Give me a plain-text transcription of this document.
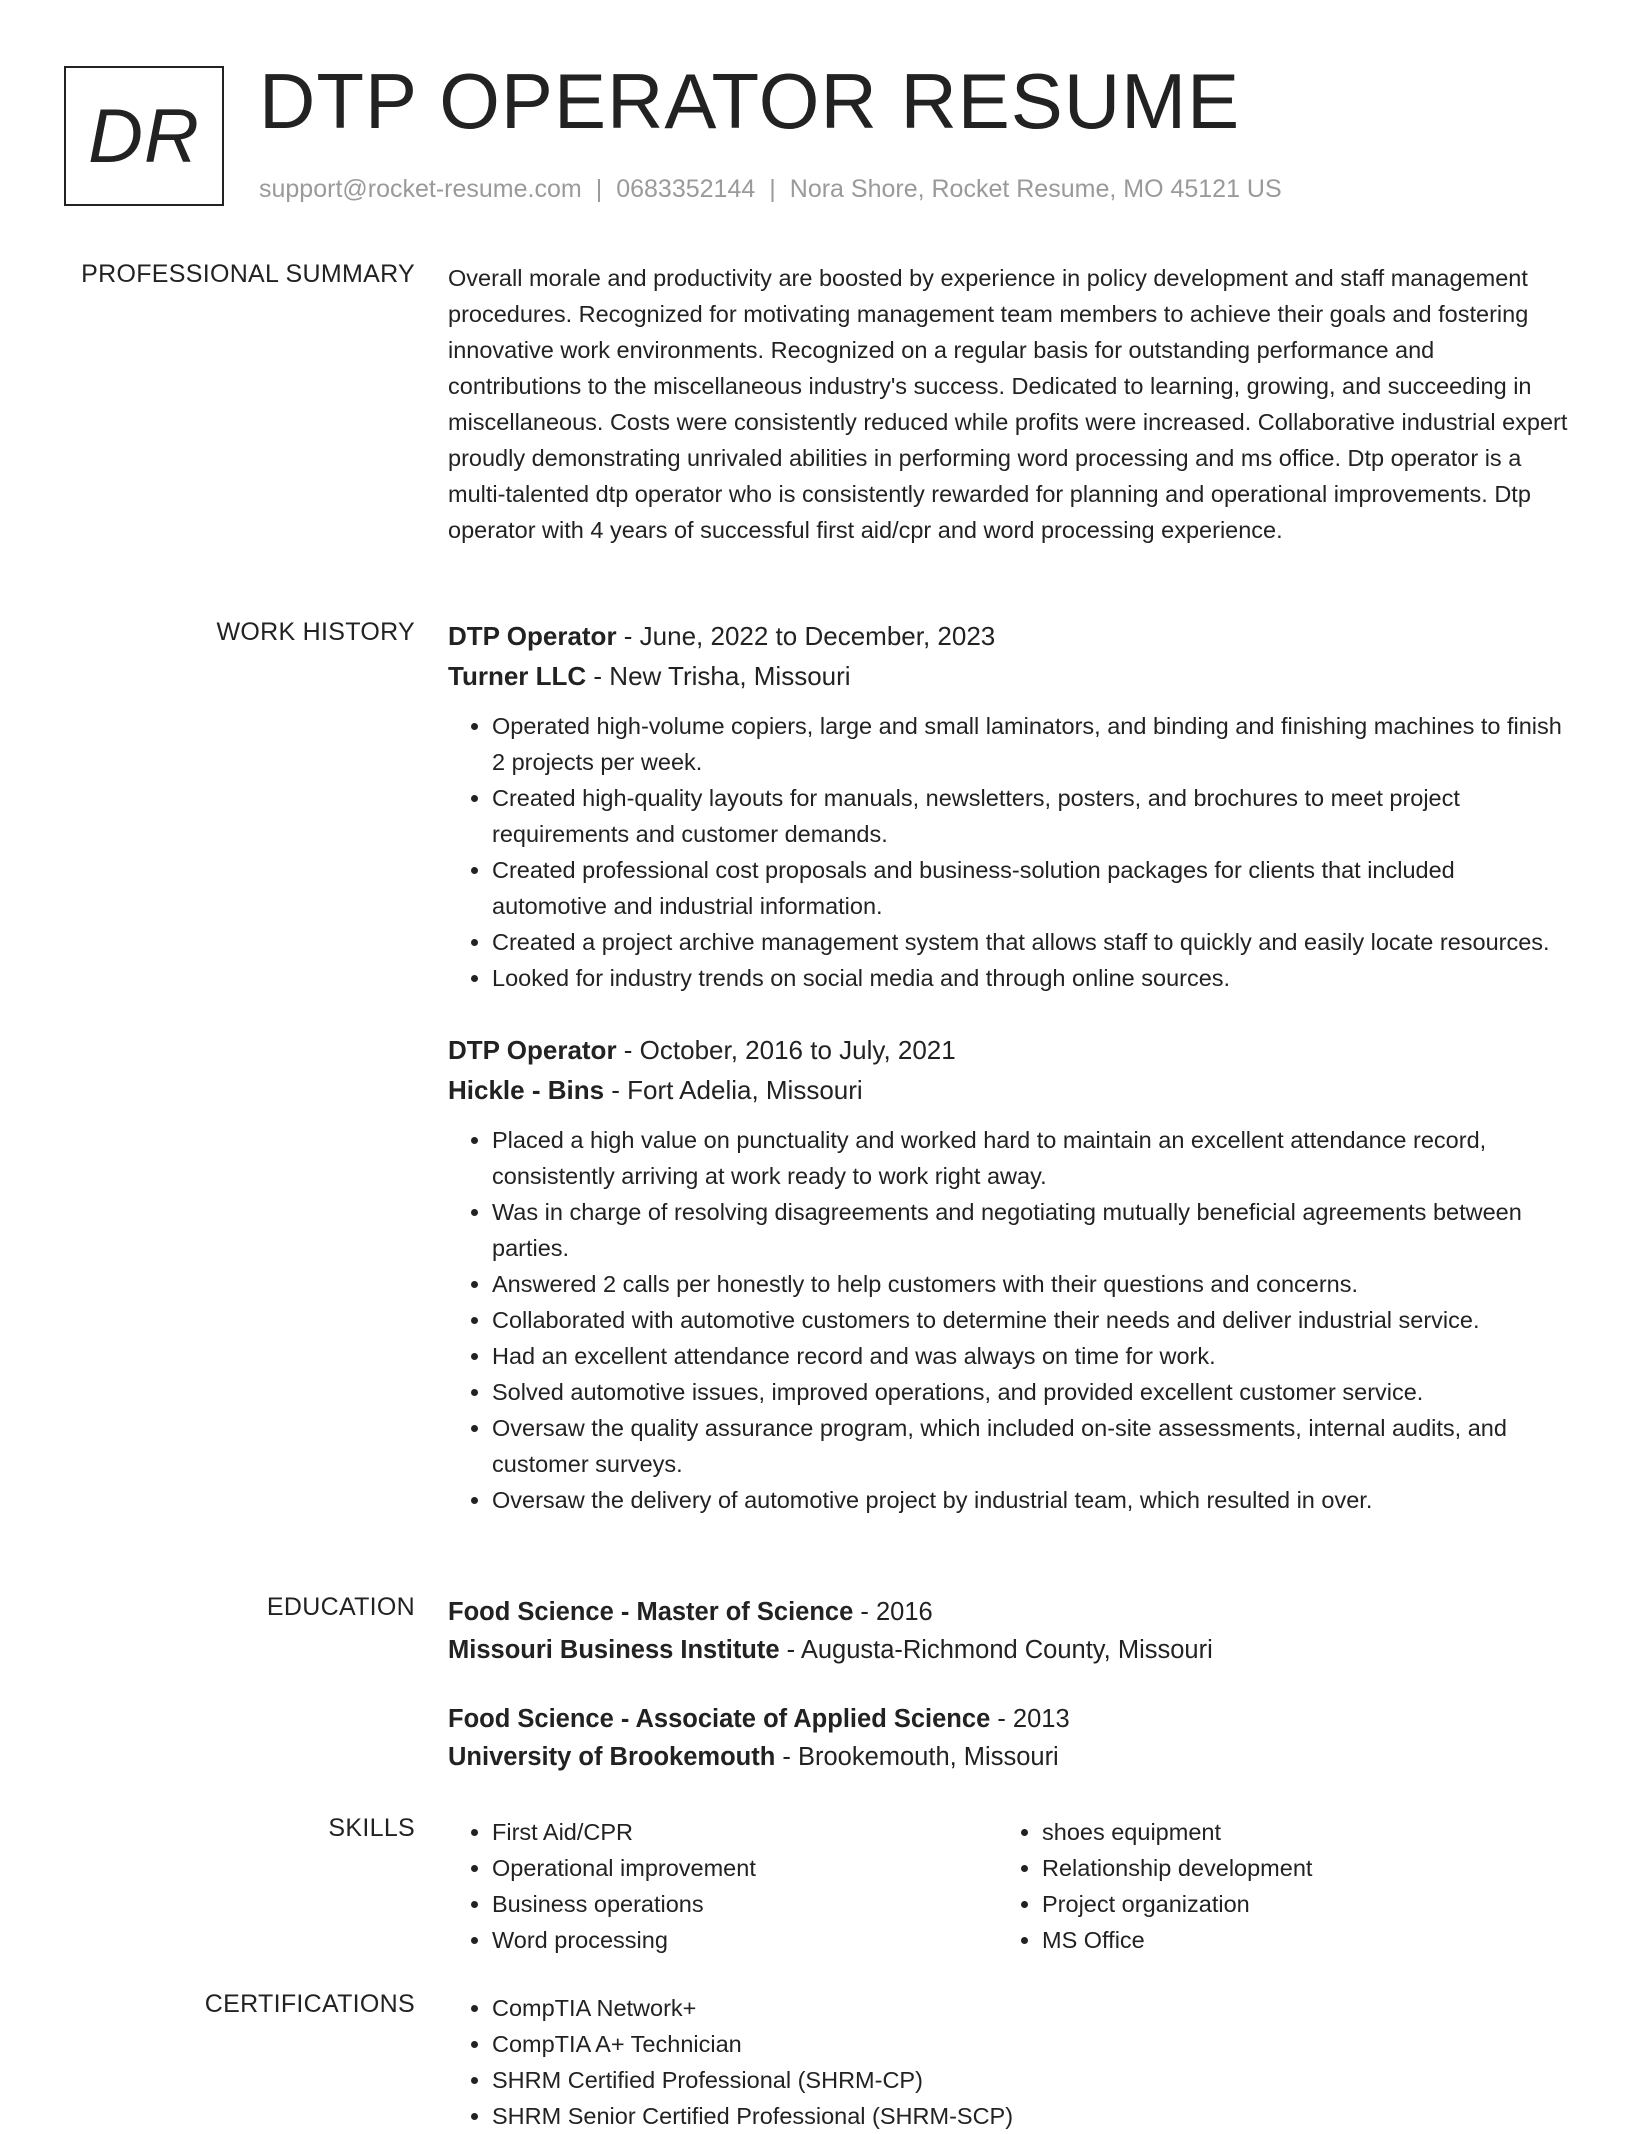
DR DTP OPERATOR RESUME
support@rocket-resume.com | 0683352144 | Nora Shore, Rocket Resume, MO 45121 US
PROFESSIONAL SUMMARY Overall morale and productivity are boosted by experience in policy development and staff management procedures. Recognized for motivating management team members to achieve their goals and fostering innovative work environments. Recognized on a regular basis for outstanding performance and contributions to the miscellaneous industry's success. Dedicated to learning, growing, and succeeding in miscellaneous. Costs were consistently reduced while profits were increased. Collaborative industrial expert proudly demonstrating unrivaled abilities in performing word processing and ms office. Dtp operator is a multi-talented dtp operator who is consistently rewarded for planning and operational improvements. Dtp operator with 4 years of successful first aid/cpr and word processing experience.

WORK HISTORY DTP Operator - June, 2022 to December, 2023
Turner LLC - New Trisha, Missouri
• Operated high-volume copiers, large and small laminators, and binding and finishing machines to finish 2 projects per week.
• Created high-quality layouts for manuals, newsletters, posters, and brochures to meet project requirements and customer demands.
• Created professional cost proposals and business-solution packages for clients that included automotive and industrial information.
• Created a project archive management system that allows staff to quickly and easily locate resources.
• Looked for industry trends on social media and through online sources.
DTP Operator - October, 2016 to July, 2021
Hickle - Bins - Fort Adelia, Missouri
• Placed a high value on punctuality and worked hard to maintain an excellent attendance record, consistently arriving at work ready to work right away.
• Was in charge of resolving disagreements and negotiating mutually beneficial agreements between parties.
• Answered 2 calls per honestly to help customers with their questions and concerns.
• Collaborated with automotive customers to determine their needs and deliver industrial service.
• Had an excellent attendance record and was always on time for work.
• Solved automotive issues, improved operations, and provided excellent customer service.
• Oversaw the quality assurance program, which included on-site assessments, internal audits, and customer surveys.
• Oversaw the delivery of automotive project by industrial team, which resulted in over.
EDUCATION Food Science - Master of Science - 2016
Missouri Business Institute - Augusta-Richmond County, Missouri
Food Science - Associate of Applied Science - 2013
University of Brookemouth - Brookemouth, Missouri
SKILLS	• First Aid/CPR
• Operational improvement
• Business operations
• Word processing
• shoes equipment
• Relationship development
• Project organization
• MS Office
CERTIFICATIONS	• CompTIA Network+
• CompTIA A+ Technician
• SHRM Certified Professional (SHRM-CP)
• SHRM Senior Certified Professional (SHRM-SCP)
